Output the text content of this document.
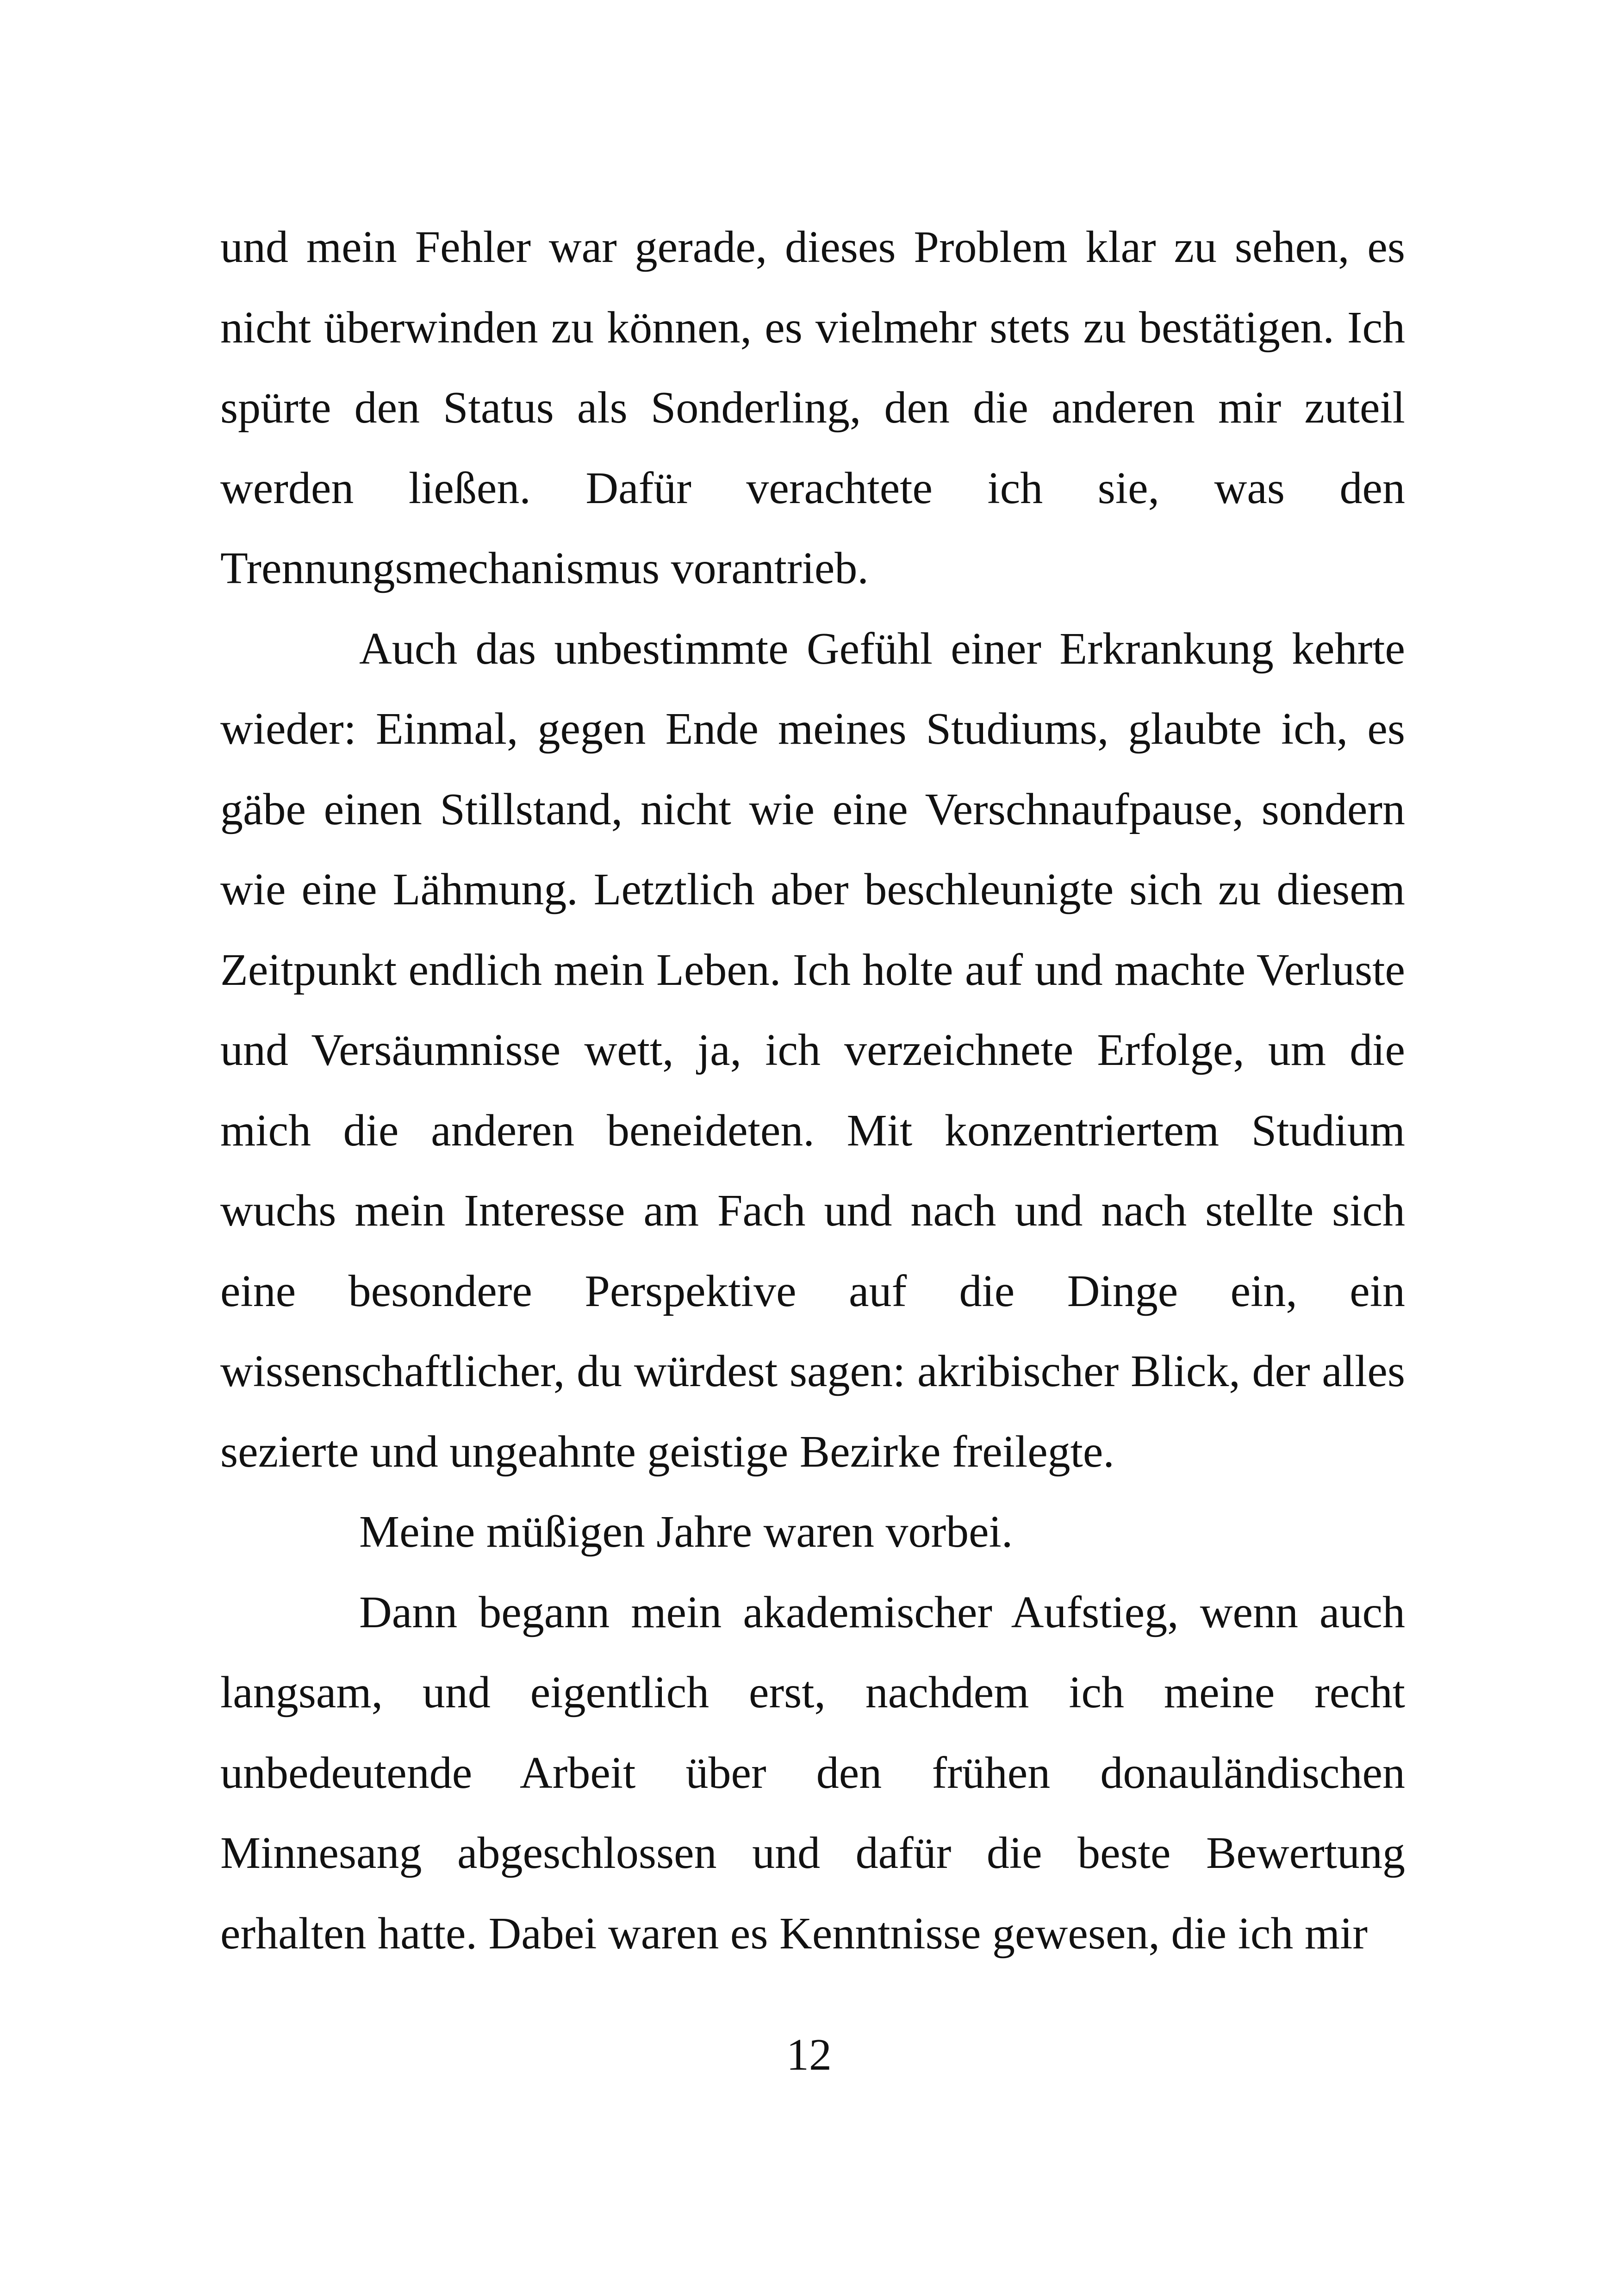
und mein Fehler war gerade, dieses Problem klar zu sehen, es nicht überwinden zu können, es vielmehr stets zu bestätigen. Ich spürte den Status als Sonderling, den die anderen mir zuteil werden ließen. Dafür verachtete ich sie, was den Trennungsmechanismus vorantrieb.

Auch das unbestimmte Gefühl einer Erkrankung kehrte wieder: Einmal, gegen Ende meines Studiums, glaubte ich, es gäbe einen Stillstand, nicht wie eine Verschnaufpause, sondern wie eine Lähmung. Letztlich aber beschleunigte sich zu diesem Zeitpunkt endlich mein Leben. Ich holte auf und machte Verluste und Versäumnisse wett, ja, ich verzeichnete Erfolge, um die mich die anderen beneideten. Mit konzentriertem Studium wuchs mein Interesse am Fach und nach und nach stellte sich eine besondere Perspektive auf die Dinge ein, ein wissenschaftlicher, du würdest sagen: akribischer Blick, der alles sezierte und ungeahnte geistige Bezirke freilegte.

Meine müßigen Jahre waren vorbei.

Dann begann mein akademischer Aufstieg, wenn auch langsam, und eigentlich erst, nachdem ich meine recht unbedeutende Arbeit über den frühen donauländischen Minnesang abgeschlossen und dafür die beste Bewertung erhalten hatte. Dabei waren es Kenntnisse gewesen, die ich mir

12
